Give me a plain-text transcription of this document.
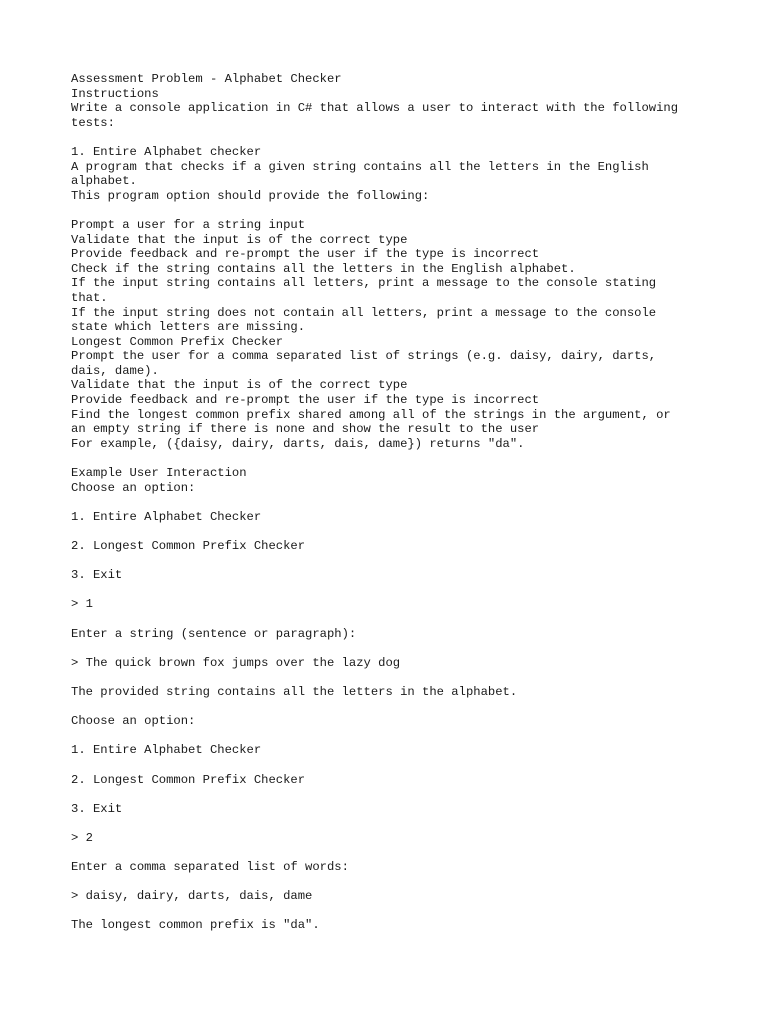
Assessment Problem - Alphabet Checker
Instructions
Write a console application in C# that allows a user to interact with the following
tests:
1. Entire Alphabet checker
A program that checks if a given string contains all the letters in the English
alphabet.
This program option should provide the following:
Prompt a user for a string input
Validate that the input is of the correct type
Provide feedback and re-prompt the user if the type is incorrect
Check if the string contains all the letters in the English alphabet.
If the input string contains all letters, print a message to the console stating
that.
If the input string does not contain all letters, print a message to the console
state which letters are missing.
Longest Common Prefix Checker
Prompt the user for a comma separated list of strings (e.g. daisy, dairy, darts,
dais, dame).
Validate that the input is of the correct type
Provide feedback and re-prompt the user if the type is incorrect
Find the longest common prefix shared among all of the strings in the argument, or
an empty string if there is none and show the result to the user
For example, ({daisy, dairy, darts, dais, dame}) returns "da".
Example User Interaction
Choose an option:
1. Entire Alphabet Checker
2. Longest Common Prefix Checker
3. Exit
> 1
Enter a string (sentence or paragraph):
> The quick brown fox jumps over the lazy dog
The provided string contains all the letters in the alphabet.
Choose an option:
1. Entire Alphabet Checker
2. Longest Common Prefix Checker
3. Exit
> 2
Enter a comma separated list of words:
> daisy, dairy, darts, dais, dame
The longest common prefix is "da".
